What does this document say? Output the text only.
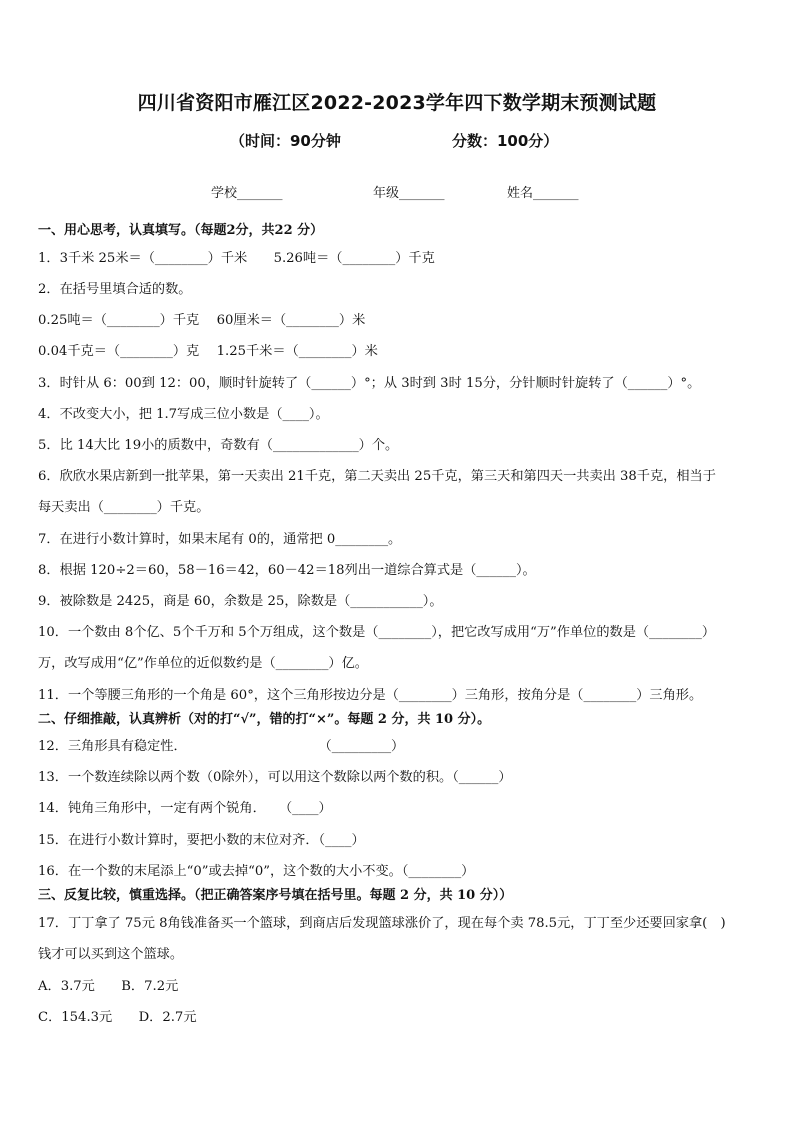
四川省资阳市雁江区2022-2023学年四下数学期末预测试题
（时间：90分钟	分数：100分）
学校_______	年级_______	姓名_______
一、用心思考，认真填写。（每题2分，共22 分）
1．3千米 25米＝（________）千米　　5.26吨＝（________）千克
2．在括号里填合适的数。
0.25吨＝（________）千克　 60厘米＝（________）米
0.04千克＝（________）克　 1.25千米＝（________）米
3．时针从 6：00到 12：00，顺时针旋转了（______）°；从 3时到 3时 15分，分针顺时针旋转了（______）°。
4．不改变大小，把 1.7写成三位小数是（____）。
5．比 14大比 19小的质数中，奇数有（_____________）个。
6．欣欣水果店新到一批苹果，第一天卖出 21千克，第二天卖出 25千克，第三天和第四天一共卖出 38千克，相当于
每天卖出（________）千克。
7．在进行小数计算时，如果末尾有 0的，通常把 0________。
8．根据 120÷2＝60，58－16＝42，60－42＝18列出一道综合算式是（______）。
9．被除数是 2425，商是 60，余数是 25，除数是（___________）。
10．一个数由 8个亿、5个千万和 5个万组成，这个数是（________），把它改写成用“万”作单位的数是（________）
万，改写成用“亿”作单位的近似数约是（________）亿。
11．一个等腰三角形的一个角是 60°，这个三角形按边分是（________）三角形，按角分是（________）三角形。
二、仔细推敲，认真辨析（对的打“√”，错的打“×”。每题 2 分，共 10 分）。
12．三角形具有稳定性．　　　　　　　　　　　（_________）
13．一个数连续除以两个数（0除外），可以用这个数除以两个数的积。（______）
14．钝角三角形中，一定有两个锐角．　　（____）
15．在进行小数计算时，要把小数的末位对齐．（____）
16．在一个数的末尾添上“0”或去掉“0”，这个数的大小不变。（________）
三、反复比较，慎重选择。（把正确答案序号填在括号里。每题 2 分，共 10 分））
17．丁丁拿了 75元 8角钱准备买一个篮球，到商店后发现篮球涨价了，现在每个卖 78.5元，丁丁至少还要回家拿(　)
钱才可以买到这个篮球。
A．3.7元　　B．7.2元
C．154.3元　　D．2.7元
